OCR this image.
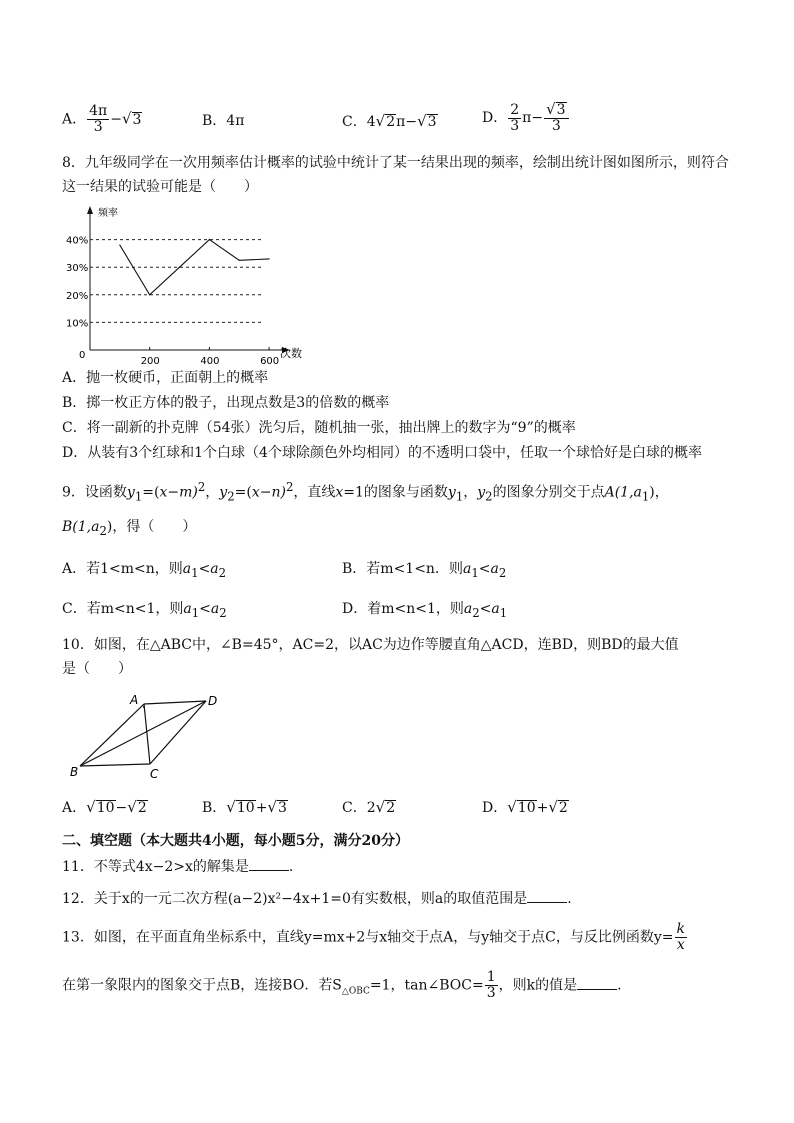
A． $\frac{4\pi}{3} -√3$	B．4π	C．4√2π−√3	D． $\frac{2}{3} \pi- \frac{√3}{3}$
8．九年级同学在一次用频率估计概率的试验中统计了某一结果出现的频率，绘制出统计图如图所示，则符合
这一结果的试验可能是（　　）
频率
次数
0
40%
30%
20%
10%
200	400	600
A．抛一枚硬币，正面朝上的概率
B．掷一枚正方体的骰子，出现点数是3的倍数的概率
C．将一副新的扑克牌（54张）洗匀后，随机抽一张，抽出牌上的数字为“9”的概率
D．从装有3个红球和1个白球（4个球除颜色外均相同）的不透明口袋中，任取一个球恰好是白球的概率
9．设函数$y_1=(x-m)^2$，$y_2=(x-n)^2$，直线x=1的图象与函数$y_1$，$y_2$的图象分别交于点$A(1,a_1)$，
$B(1,a_2)$，得（　　）
A．若1<m<n，则$a_1<a_2$	B．若m<1<n．则$a_1<a_2$
C．若m<n<1，则$a_1<a_2$	D．着m<n<1，则$a_2<a_1$
10．如图，在△ABC中，∠B=45°，AC=2，以AC为边作等腰直角△ACD，连BD，则BD的最大值
是（　　）
A	D
B	C
A．√10−√2	B．√10+√3	C．2√2	D．√10+√2
二、填空题（本大题共4小题，每小题5分，满分20分）
11．不等式4x−2>x的解集是	.
12．关于x的一元二次方程(a−2)x²−4x+1=0有实数根，则a的取值范围是	.
13．如图，在平面直角坐标系中，直线y=mx+2与x轴交于点A，与y轴交于点C，与反比例函数$y= \frac{k}{x}$
在第一象限内的图象交于点B，连接BO．若$S_{\triangle OBC}=1$，tan∠BOC= $\frac{1}{3}$ ，则k的值是	.
